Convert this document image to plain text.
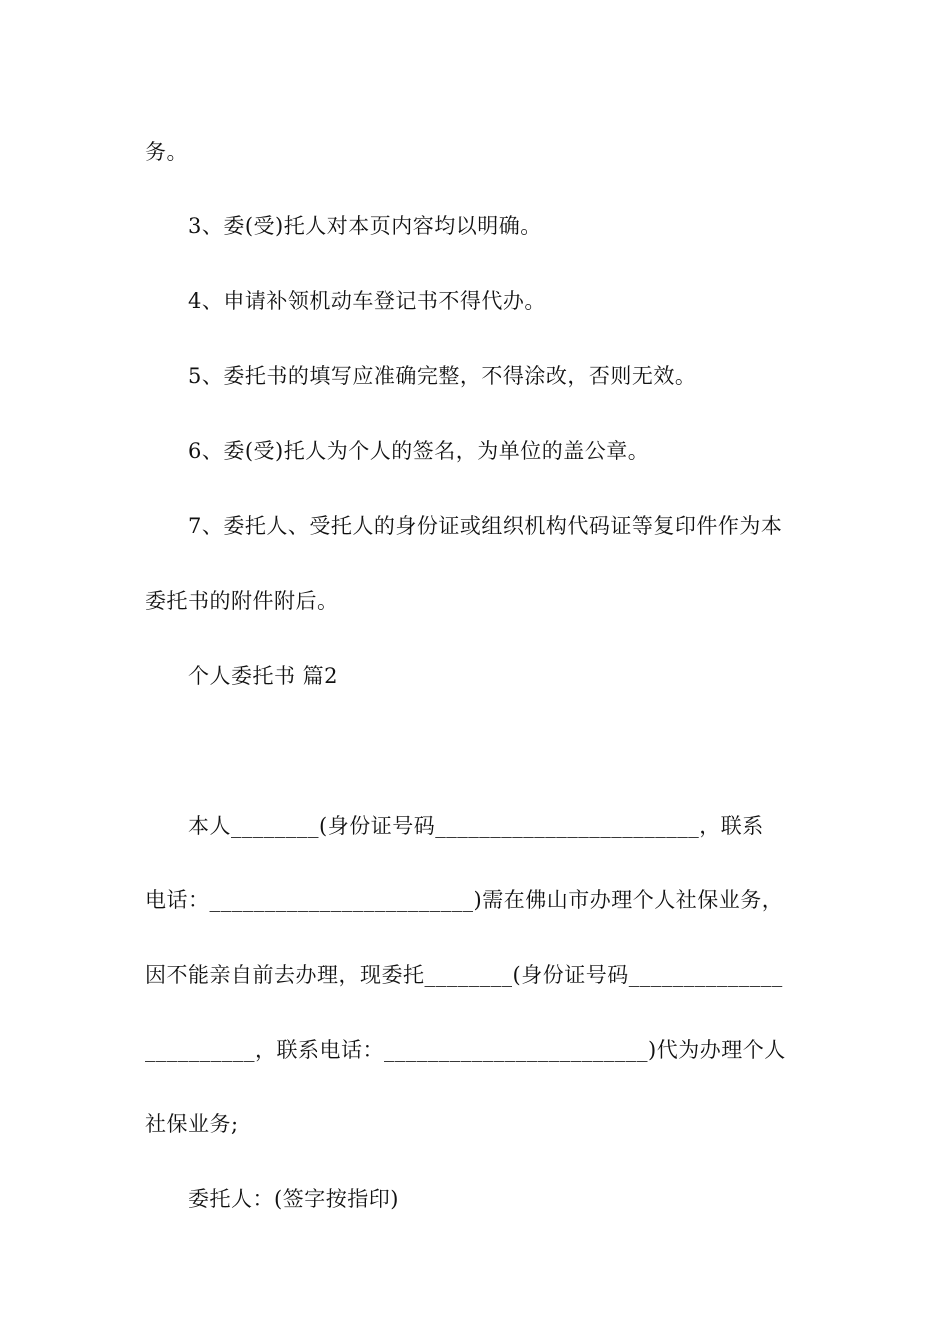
务。
3、委(受)托人对本页内容均以明确。
4、申请补领机动车登记书不得代办。
5、委托书的填写应准确完整，不得涂改，否则无效。
6、委(受)托人为个人的签名，为单位的盖公章。
7、委托人、受托人的身份证或组织机构代码证等复印件作为本
委托书的附件附后。
个人委托书 篇2
本人________(身份证号码________________________，联系
电话：________________________)需在佛山市办理个人社保业务，
因不能亲自前去办理，现委托________(身份证号码______________
__________，联系电话：________________________)代为办理个人
社保业务;
委托人：(签字按指印)
